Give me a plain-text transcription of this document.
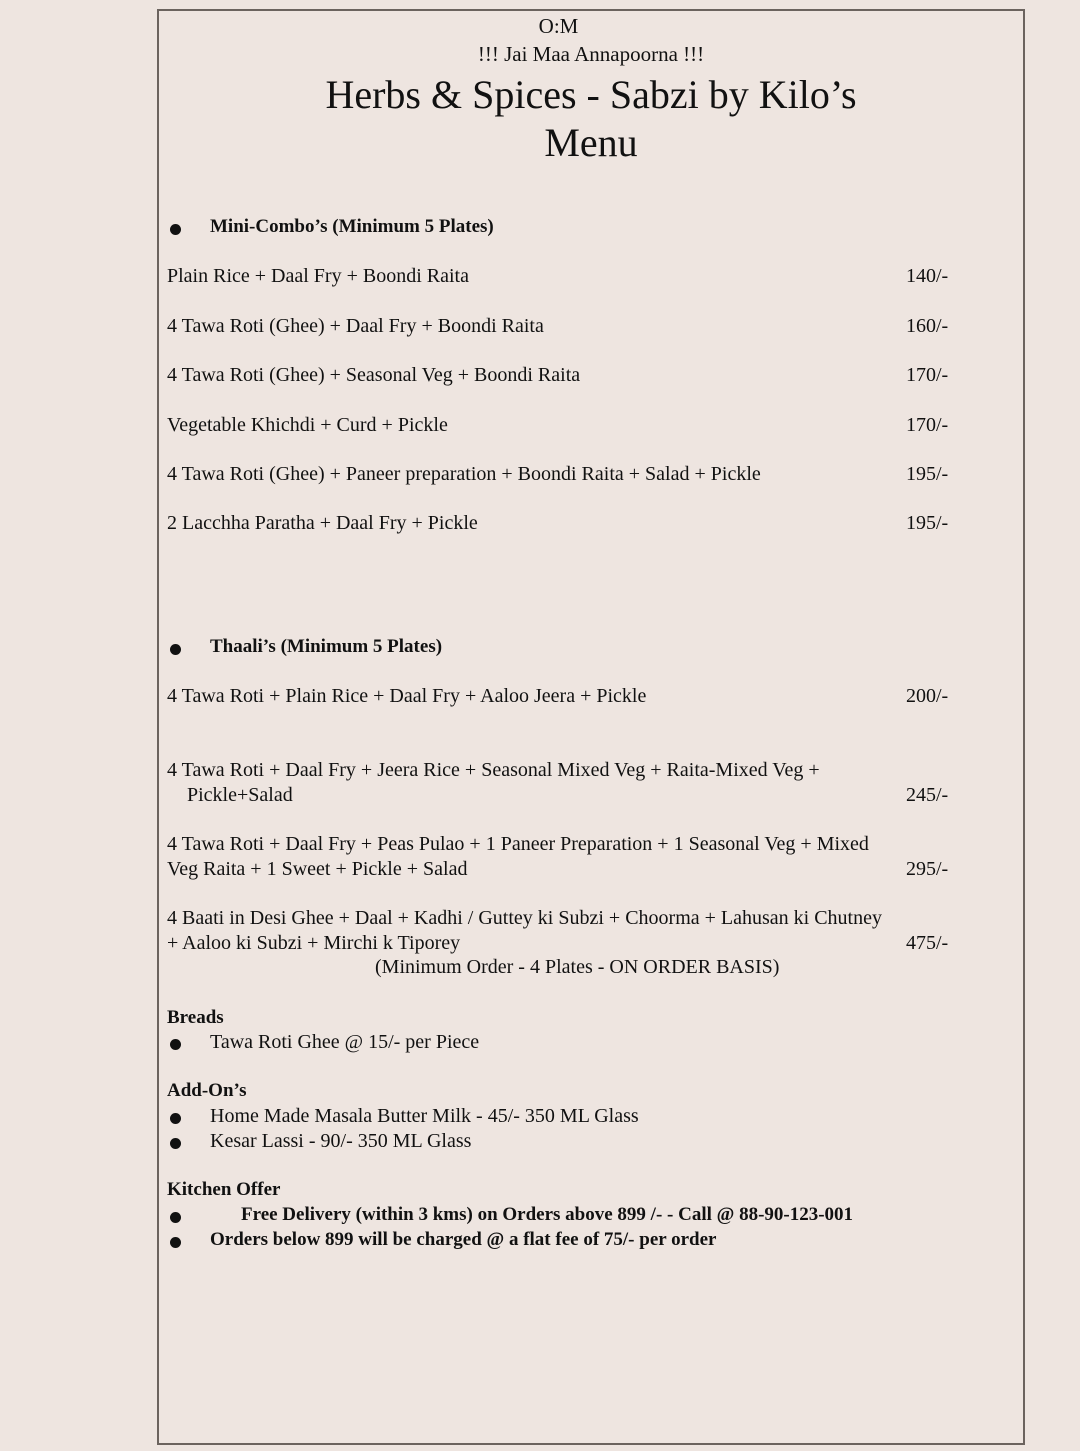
O:M
!!! Jai Maa Annapoorna !!!
Herbs & Spices - Sabzi by Kilo’s
Menu
Mini-Combo’s (Minimum 5 Plates)
Plain Rice + Daal Fry + Boondi Raita	140/-
4 Tawa Roti (Ghee) + Daal Fry + Boondi Raita	160/-
4 Tawa Roti (Ghee) + Seasonal Veg + Boondi Raita	170/-
Vegetable Khichdi + Curd + Pickle	170/-
4 Tawa Roti (Ghee) + Paneer preparation + Boondi Raita + Salad + Pickle	195/-
2 Lacchha Paratha + Daal Fry + Pickle	195/-
Thaali’s (Minimum 5 Plates)
4 Tawa Roti + Plain Rice + Daal Fry + Aaloo Jeera + Pickle	200/-
4 Tawa Roti + Daal Fry + Jeera Rice + Seasonal Mixed Veg + Raita-Mixed Veg +
Pickle+Salad	245/-
4 Tawa Roti + Daal Fry + Peas Pulao + 1 Paneer Preparation + 1 Seasonal Veg + Mixed
Veg Raita + 1 Sweet + Pickle + Salad	295/-
4 Baati in Desi Ghee + Daal + Kadhi / Guttey ki Subzi + Choorma + Lahusan ki Chutney
+ Aaloo ki Subzi + Mirchi k Tiporey	475/-
(Minimum Order - 4 Plates - ON ORDER BASIS)
Breads
Tawa Roti Ghee @ 15/- per Piece
Add-On’s
Home Made Masala Butter Milk - 45/- 350 ML Glass
Kesar Lassi - 90/- 350 ML Glass
Kitchen Offer
Free Delivery (within 3 kms) on Orders above 899 /- - Call @ 88-90-123-001
Orders below 899 will be charged @ a flat fee of 75/- per order
